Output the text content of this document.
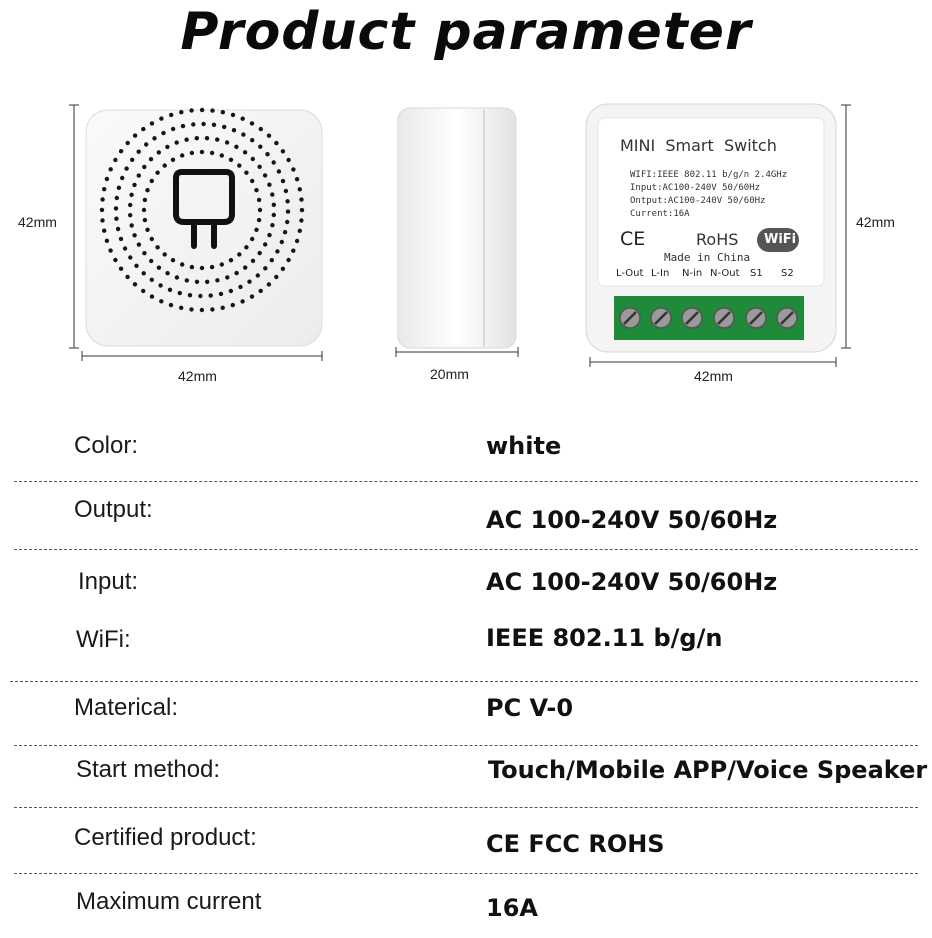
Product parameter
42mm
42mm	20mm
42mm
42mm
MINI  Smart  Switch
WIFI:IEEE 802.11 b/g/n 2.4GHz
Input:AC100-240V 50/60Hz
Ontput:AC100-240V 50/60Hz
Current:16A
CE	RoHS WiFi
Made in China
L-Out L-In N-in N-Out S1 S2
Color:	white
Output:	AC 100-240V 50/60Hz
Input:	AC 100-240V 50/60Hz
WiFi:	IEEE 802.11 b/g/n
Materical:	PC V-0
Start method:	Touch/Mobile APP/Voice Speaker
Certified product:	CE FCC ROHS
Maximum current	16A
